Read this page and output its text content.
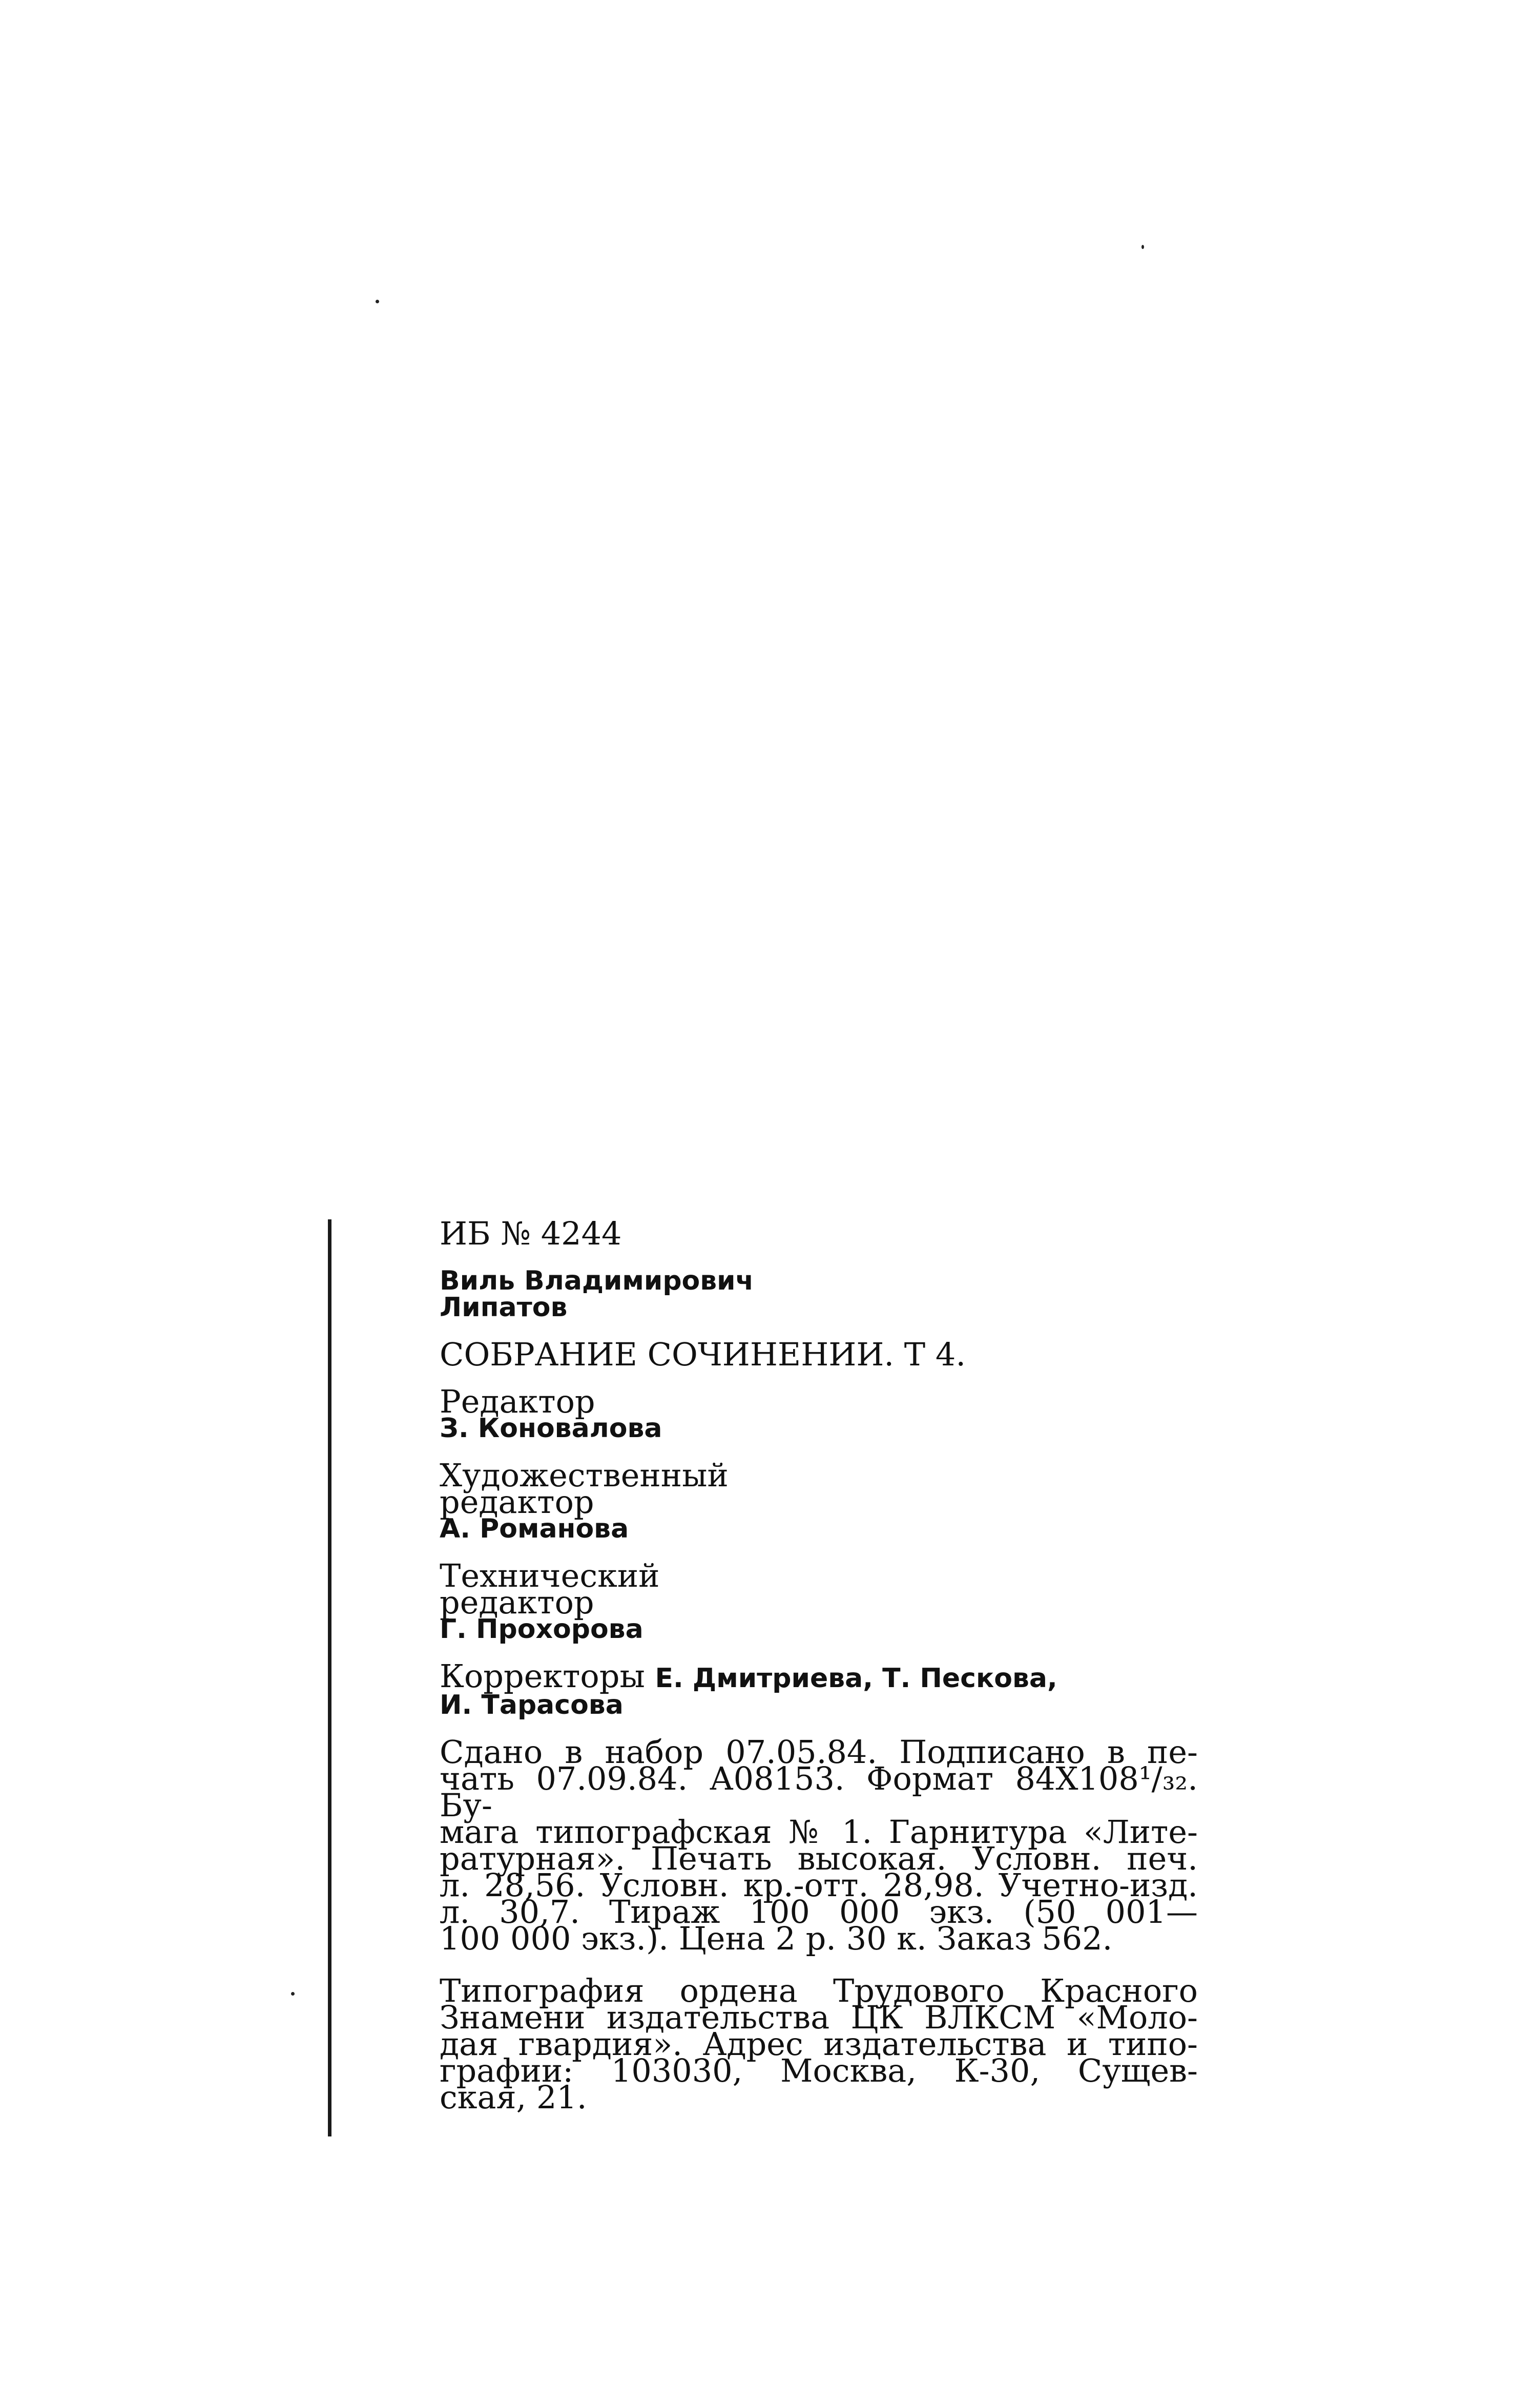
ИБ № 4244
Виль Владимирович
Липатов
СОБРАНИЕ СОЧИНЕНИИ. Т 4.
Редактор
З. Коновалова
Художественный
редактор
А. Романова
Технический
редактор
Г. Прохорова
Корректоры Е. Дмитриева, Т. Пескова,
И. Тарасова
Сдано в набор 07.05.84. Подписано в пе-
чать 07.09.84. А08153. Формат 84Х108¹/₃₂. Бу-
мага типографская № 1. Гарнитура «Лите-
ратурная». Печать высокая. Условн. печ.
л. 28,56. Условн. кр.-отт. 28,98. Учетно-изд.
л. 30,7. Тираж 100 000 экз. (50 001—
100 000 экз.). Цена 2 р. 30 к. Заказ 562.
Типография ордена Трудового Красного
Знамени издательства ЦК ВЛКСМ «Моло-
дая гвардия». Адрес издательства и типо-
графии: 103030, Москва, К-30, Сущев-
ская, 21.
